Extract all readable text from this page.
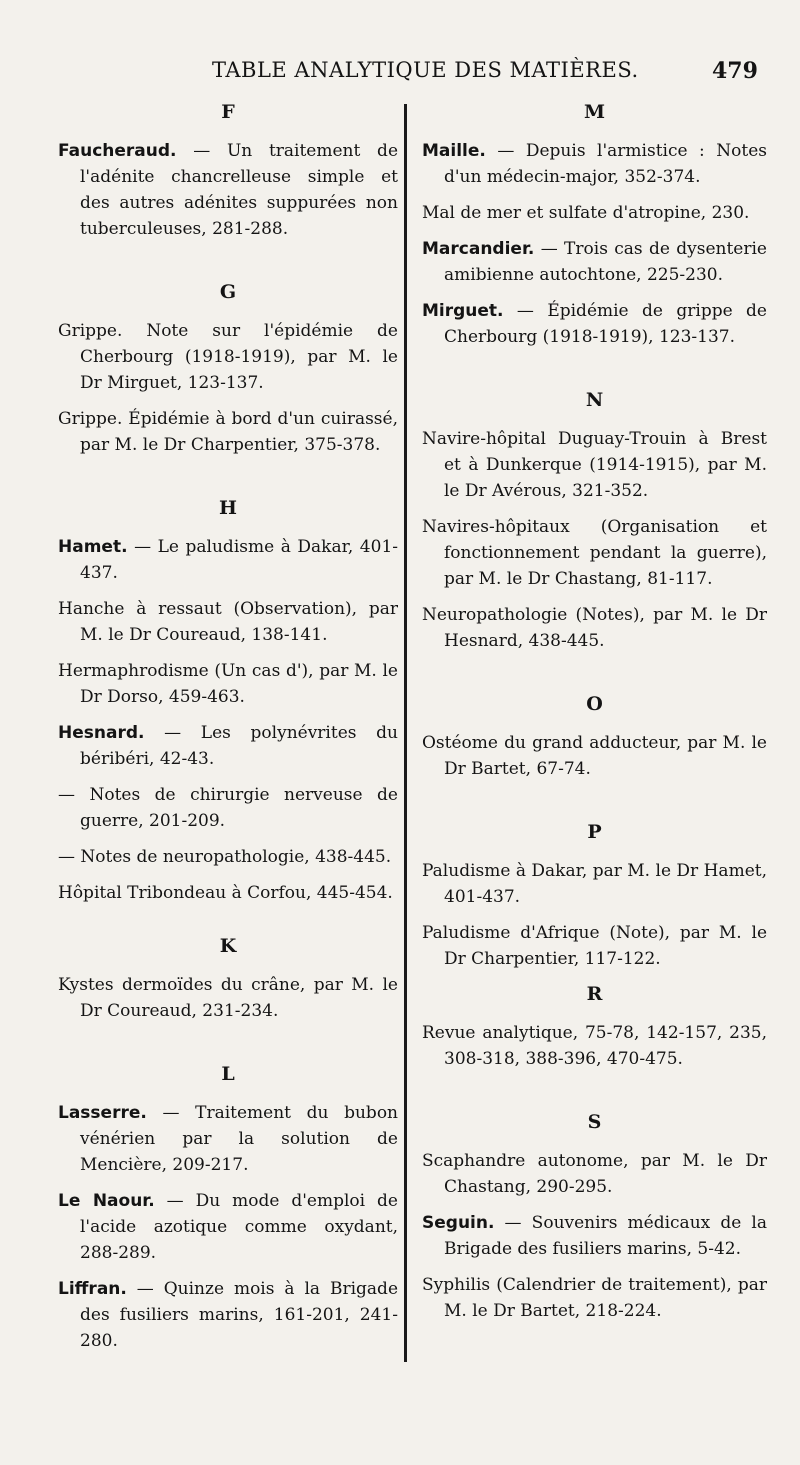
TABLE ANALYTIQUE DES MATIÈRES.	479
F
Faucheraud. — Un traitement de l'adénite chancrelleuse simple et des autres adénites suppurées non tuberculeuses, 281-288.
G
Grippe. Note sur l'épidémie de Cherbourg (1918-1919), par M. le Dr Mirguet, 123-137.
Grippe. Épidémie à bord d'un cuirassé, par M. le Dr Charpentier, 375-378.
H
Hamet. — Le paludisme à Dakar, 401-437.
Hanche à ressaut (Observation), par M. le Dr Coureaud, 138-141.
Hermaphrodisme (Un cas d'), par M. le Dr Dorso, 459-463.
Hesnard. — Les polynévrites du béribéri, 42-43.
— Notes de chirurgie nerveuse de guerre, 201-209.
— Notes de neuropathologie, 438-445.
Hôpital Tribondeau à Corfou, 445-454.
K
Kystes dermoïdes du crâne, par M. le Dr Coureaud, 231-234.
L
Lasserre. — Traitement du bubon vénérien par la solution de Mencière, 209-217.
Le Naour. — Du mode d'emploi de l'acide azotique comme oxydant, 288-289.
Liffran. — Quinze mois à la Brigade des fusiliers marins, 161-201, 241-280.
M
Maille. — Depuis l'armistice : Notes d'un médecin-major, 352-374.
Mal de mer et sulfate d'atropine, 230.
Marcandier. — Trois cas de dysenterie amibienne autochtone, 225-230.
Mirguet. — Épidémie de grippe de Cherbourg (1918-1919), 123-137.
N
Navire-hôpital Duguay-Trouin à Brest et à Dunkerque (1914-1915), par M. le Dr Avérous, 321-352.
Navires-hôpitaux (Organisation et fonctionnement pendant la guerre), par M. le Dr Chastang, 81-117.
Neuropathologie (Notes), par M. le Dr Hesnard, 438-445.
O
Ostéome du grand adducteur, par M. le Dr Bartet, 67-74.
P
Paludisme à Dakar, par M. le Dr Hamet, 401-437.
Paludisme d'Afrique (Note), par M. le Dr Charpentier, 117-122.
R
Revue analytique, 75-78, 142-157, 235, 308-318, 388-396, 470-475.
S
Scaphandre autonome, par M. le Dr Chastang, 290-295.
Seguin. — Souvenirs médicaux de la Brigade des fusiliers marins, 5-42.
Syphilis (Calendrier de traitement), par M. le Dr Bartet, 218-224.
